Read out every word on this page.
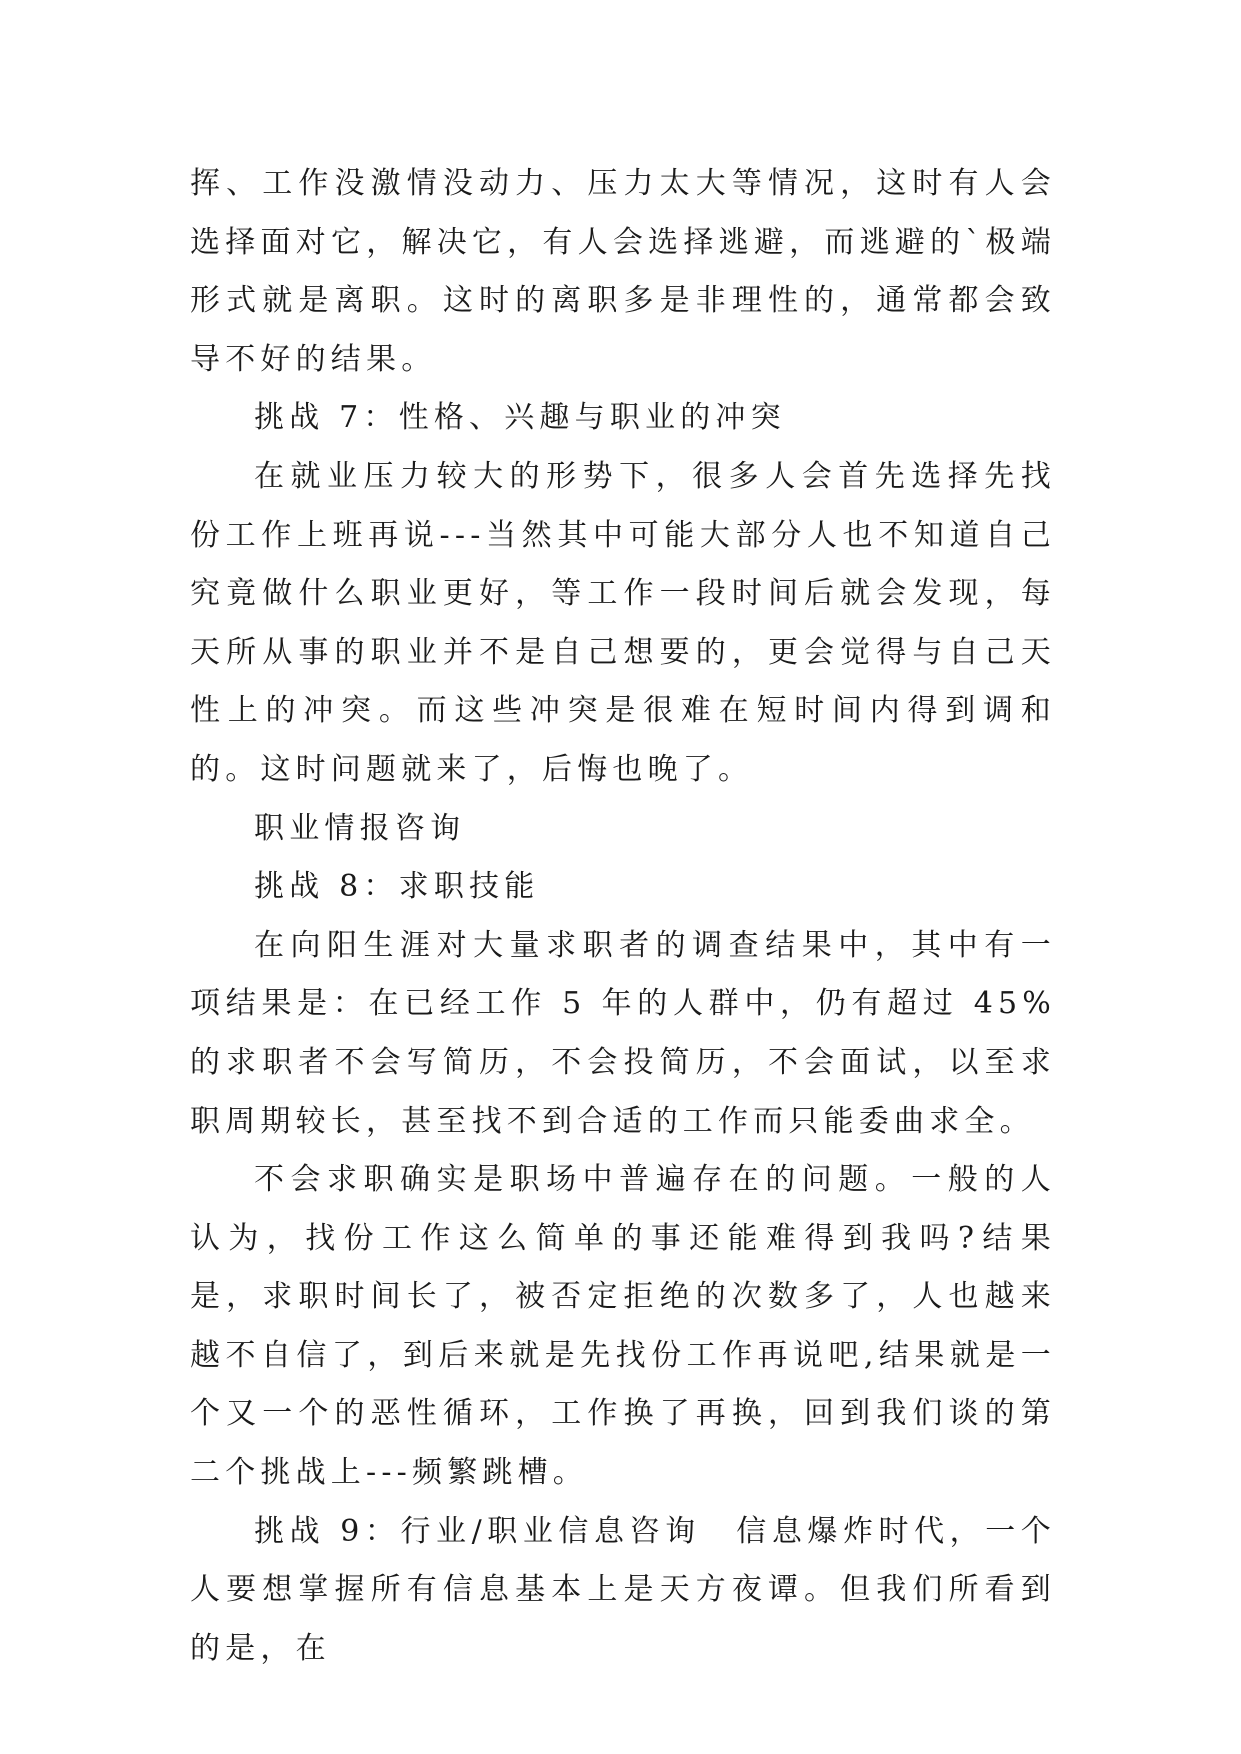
挥、工作没激情没动力、压力太大等情况，这时有人会选择面对它，解决它，有人会选择逃避，而逃避的`极端形式就是离职。这时的离职多是非理性的，通常都会致导不好的结果。

挑战 7：性格、兴趣与职业的冲突

在就业压力较大的形势下，很多人会首先选择先找份工作上班再说---当然其中可能大部分人也不知道自己究竟做什么职业更好，等工作一段时间后就会发现，每天所从事的职业并不是自己想要的，更会觉得与自己天性上的冲突。而这些冲突是很难在短时间内得到调和的。这时问题就来了，后悔也晚了。

职业情报咨询

挑战 8：求职技能

在向阳生涯对大量求职者的调查结果中，其中有一项结果是：在已经工作 5 年的人群中，仍有超过 45%的求职者不会写简历，不会投简历，不会面试，以至求职周期较长，甚至找不到合适的工作而只能委曲求全。

不会求职确实是职场中普遍存在的问题。一般的人认为，找份工作这么简单的事还能难得到我吗?结果是，求职时间长了，被否定拒绝的次数多了，人也越来越不自信了，到后来就是先找份工作再说吧,结果就是一个又一个的恶性循环，工作换了再换，回到我们谈的第二个挑战上---频繁跳槽。

挑战 9：行业/职业信息咨询　信息爆炸时代，一个人要想掌握所有信息基本上是天方夜谭。但我们所看到的是，在
